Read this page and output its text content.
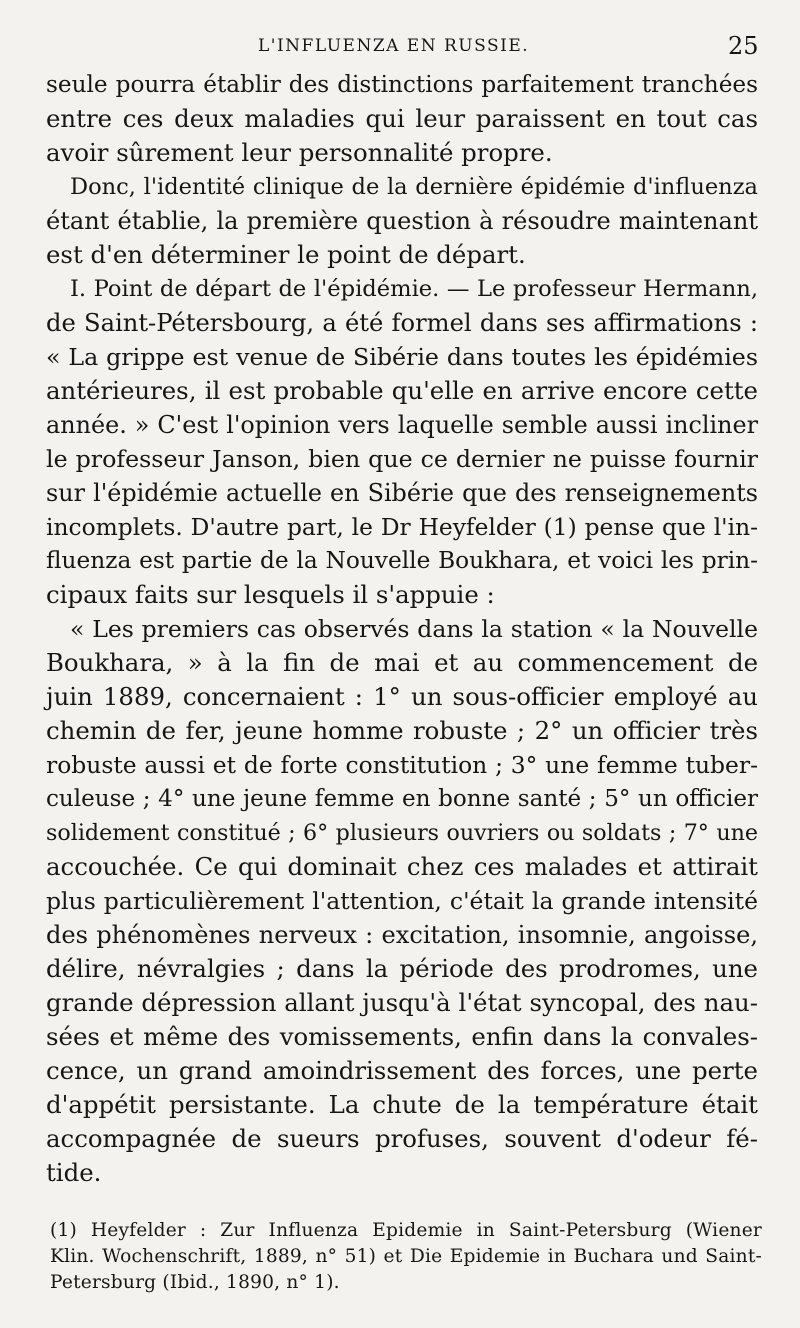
L'INFLUENZA EN RUSSIE.	25

seule pourra établir des distinctions parfaitement tranchées
entre ces deux maladies qui leur paraissent en tout cas
avoir sûrement leur personnalité propre.

Donc, l'identité clinique de la dernière épidémie d'influenza
étant établie, la première question à résoudre maintenant
est d'en déterminer le point de départ.

I. Point de départ de l'épidémie. — Le professeur Hermann,
de Saint-Pétersbourg, a été formel dans ses affirmations :
« La grippe est venue de Sibérie dans toutes les épidémies
antérieures, il est probable qu'elle en arrive encore cette
année. » C'est l'opinion vers laquelle semble aussi incliner
le professeur Janson, bien que ce dernier ne puisse fournir
sur l'épidémie actuelle en Sibérie que des renseignements
incomplets. D'autre part, le Dr Heyfelder (1) pense que l'in-
fluenza est partie de la Nouvelle Boukhara, et voici les prin-
cipaux faits sur lesquels il s'appuie :

« Les premiers cas observés dans la station « la Nouvelle
Boukhara, » à la fin de mai et au commencement de
juin 1889, concernaient : 1° un sous-officier employé au
chemin de fer, jeune homme robuste ; 2° un officier très
robuste aussi et de forte constitution ; 3° une femme tuber-
culeuse ; 4° une jeune femme en bonne santé ; 5° un officier
solidement constitué ; 6° plusieurs ouvriers ou soldats ; 7° une
accouchée. Ce qui dominait chez ces malades et attirait
plus particulièrement l'attention, c'était la grande intensité
des phénomènes nerveux : excitation, insomnie, angoisse,
délire, névralgies ; dans la période des prodromes, une
grande dépression allant jusqu'à l'état syncopal, des nau-
sées et même des vomissements, enfin dans la convales-
cence, un grand amoindrissement des forces, une perte
d'appétit persistante. La chute de la température était
accompagnée de sueurs profuses, souvent d'odeur fé-
tide.

(1) Heyfelder : Zur Influenza Epidemie in Saint-Petersburg (Wiener
Klin. Wochenschrift, 1889, n° 51) et Die Epidemie in Buchara und Saint-
Petersburg (Ibid., 1890, n° 1).
